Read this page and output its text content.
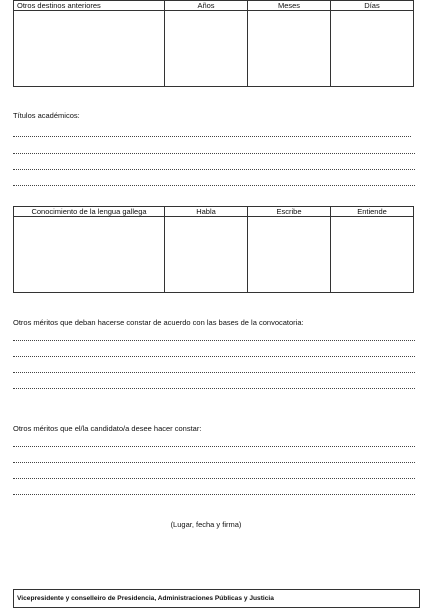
Otros destinos anteriores	Años	Meses	Días

Títulos académicos:
Conocimiento de la lengua gallega	Habla	Escribe	Entiende

Otros méritos que deban hacerse constar de acuerdo con las bases de la convocatoria:
Otros méritos que el/la candidato/a desee hacer constar:
(Lugar, fecha y firma)
Vicepresidente y conselleiro de Presidencia, Administraciones Públicas y Justicia
